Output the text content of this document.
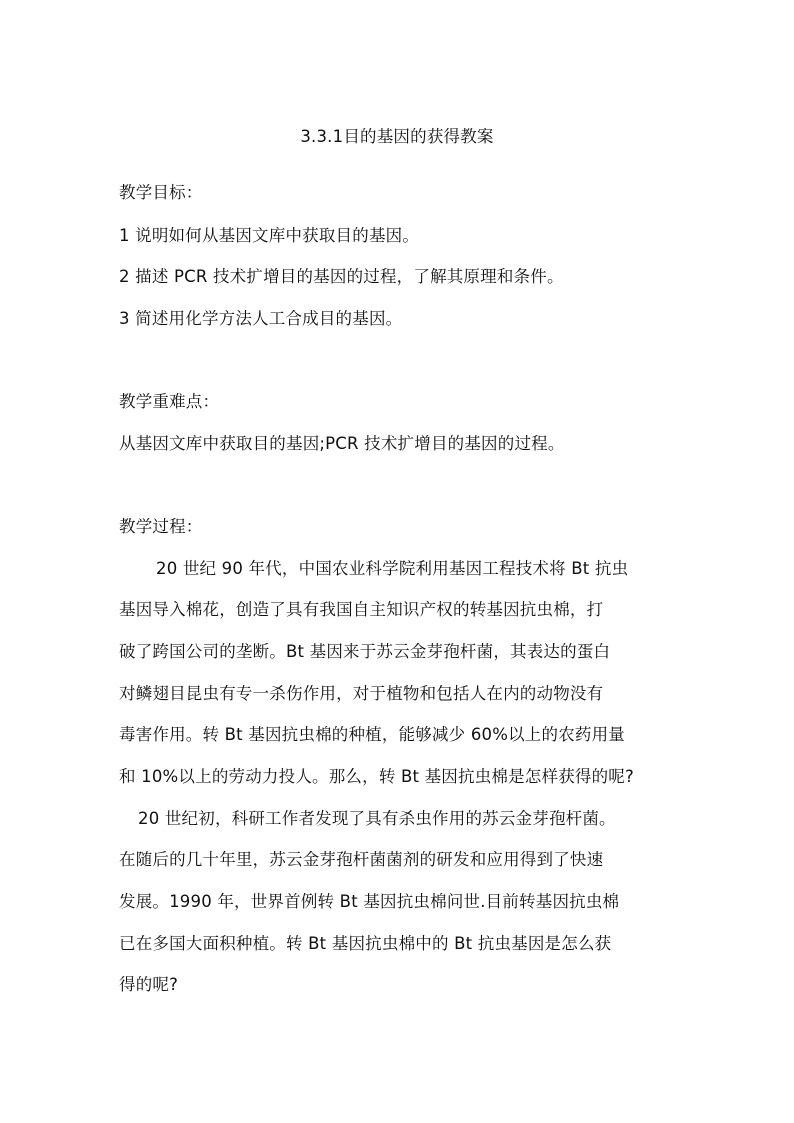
3.3.1目的基因的获得教案
教学目标：
1 说明如何从基因文库中获取目的基因。
2 描述 PCR 技术扩增目的基因的过程，了解其原理和条件。
3 简述用化学方法人工合成目的基因。
教学重难点：
从基因文库中获取目的基因;PCR 技术扩增目的基因的过程。
教学过程：
20 世纪 90 年代，中国农业科学院利用基因工程技术将 Bt 抗虫
基因导入棉花，创造了具有我国自主知识产权的转基因抗虫棉，打
破了跨国公司的垄断。Bt 基因来于苏云金芽孢杆菌，其表达的蛋白
对鳞翅目昆虫有专一杀伤作用，对于植物和包括人在内的动物没有
毒害作用。转 Bt 基因抗虫棉的种植，能够减少 60%以上的农药用量
和 10%以上的劳动力投人。那么，转 Bt 基因抗虫棉是怎样获得的呢?
20 世纪初，科研工作者发现了具有杀虫作用的苏云金芽孢杆菌。
在随后的几十年里，苏云金芽孢杆菌菌剂的研发和应用得到了快速
发展。1990 年，世界首例转 Bt 基因抗虫棉问世.目前转基因抗虫棉
已在多国大面积种植。转 Bt 基因抗虫棉中的 Bt 抗虫基因是怎么获
得的呢?
